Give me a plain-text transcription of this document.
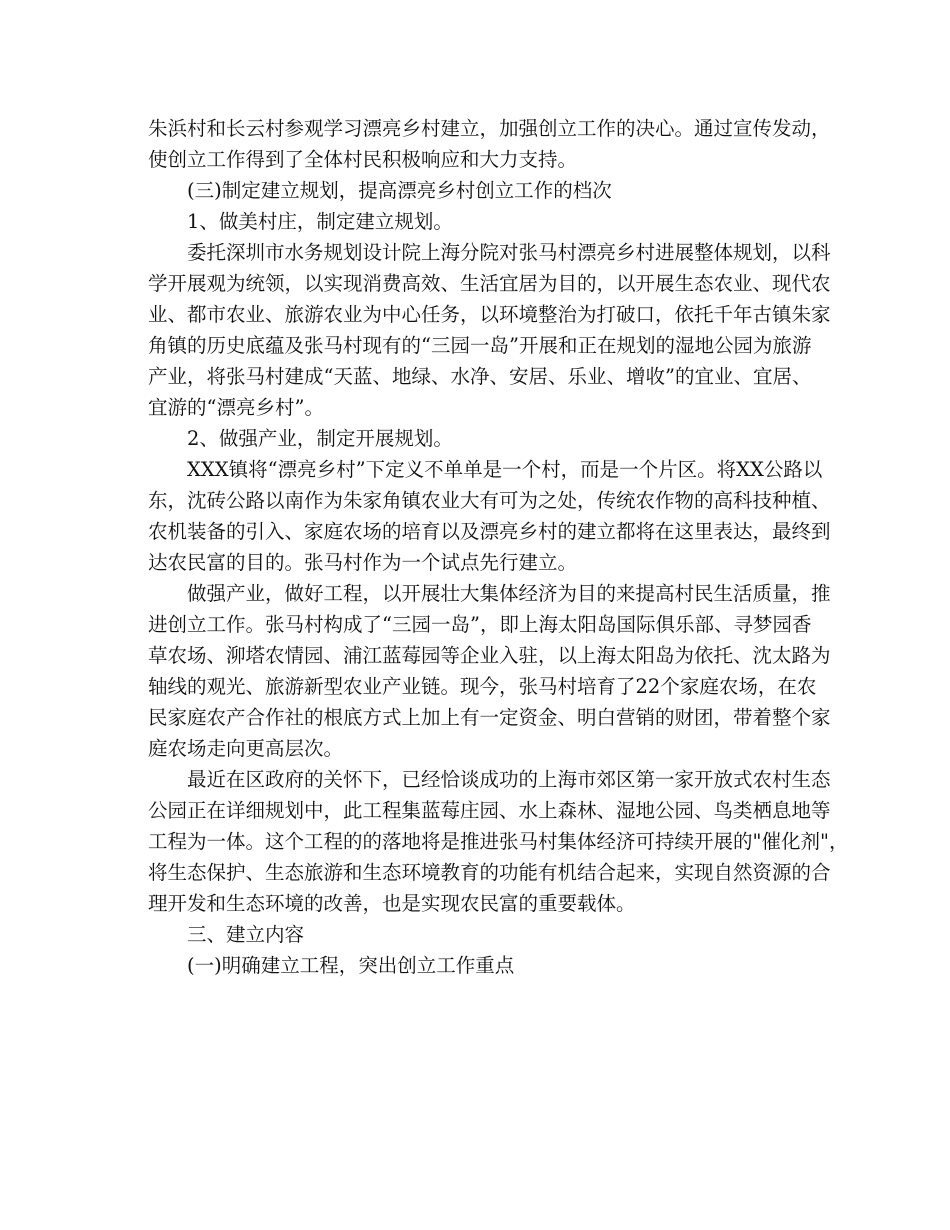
朱浜村和长云村参观学习漂亮乡村建立，加强创立工作的决心。通过宣传发动，
使创立工作得到了全体村民积极响应和大力支持。
(三)制定建立规划，提高漂亮乡村创立工作的档次
1、做美村庄，制定建立规划。
委托深圳市水务规划设计院上海分院对张马村漂亮乡村进展整体规划，以科
学开展观为统领，以实现消费高效、生活宜居为目的，以开展生态农业、现代农
业、都市农业、旅游农业为中心任务，以环境整治为打破口，依托千年古镇朱家
角镇的历史底蕴及张马村现有的“三园一岛”开展和正在规划的湿地公园为旅游
产业，将张马村建成“天蓝、地绿、水净、安居、乐业、增收”的宜业、宜居、
宜游的“漂亮乡村”。
2、做强产业，制定开展规划。
XXX镇将“漂亮乡村”下定义不单单是一个村，而是一个片区。将XX公路以
东，沈砖公路以南作为朱家角镇农业大有可为之处，传统农作物的高科技种植、
农机装备的引入、家庭农场的培育以及漂亮乡村的建立都将在这里表达，最终到
达农民富的目的。张马村作为一个试点先行建立。
做强产业，做好工程，以开展壮大集体经济为目的来提高村民生活质量，推
进创立工作。张马村构成了“三园一岛”，即上海太阳岛国际俱乐部、寻梦园香
草农场、泖塔农情园、浦江蓝莓园等企业入驻，以上海太阳岛为依托、沈太路为
轴线的观光、旅游新型农业产业链。现今，张马村培育了22个家庭农场，在农
民家庭农产合作社的根底方式上加上有一定资金、明白营销的财团，带着整个家
庭农场走向更高层次。
最近在区政府的关怀下，已经恰谈成功的上海市郊区第一家开放式农村生态
公园正在详细规划中，此工程集蓝莓庄园、水上森林、湿地公园、鸟类栖息地等
工程为一体。这个工程的的落地将是推进张马村集体经济可持续开展的"催化剂"，
将生态保护、生态旅游和生态环境教育的功能有机结合起来，实现自然资源的合
理开发和生态环境的改善，也是实现农民富的重要载体。
三、建立内容
(一)明确建立工程，突出创立工作重点
